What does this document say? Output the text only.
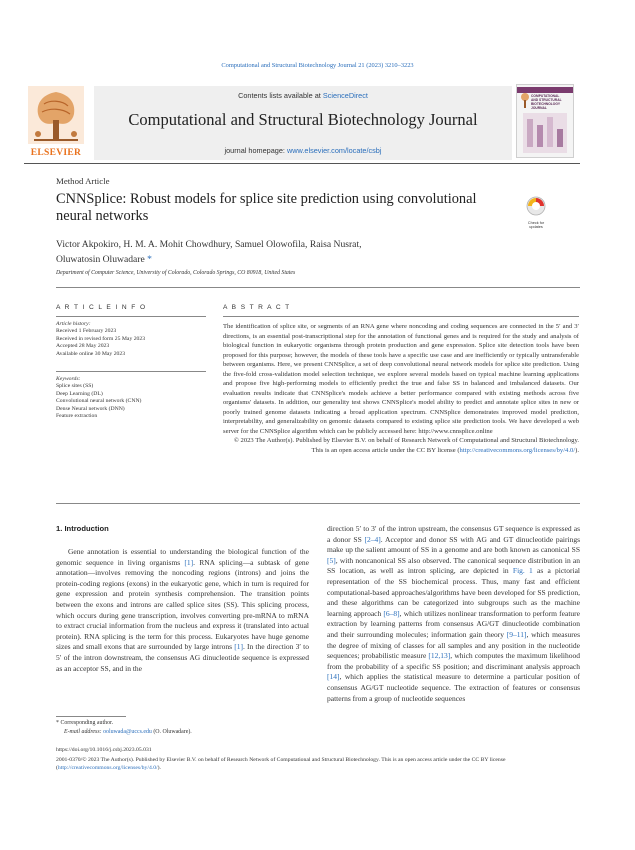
Computational and Structural Biotechnology Journal 21 (2023) 3210–3223
ELSEVIER
Contents lists available at ScienceDirect
Computational and Structural Biotechnology Journal
journal homepage: www.elsevier.com/locate/csbj
COMPUTATIONAL
AND STRUCTURAL
BIOTECHNOLOGY
JOURNAL
Method Article
CNNSplice: Robust models for splice site prediction using convolutional neural networks	Check for
updates
Victor Akpokiro, H. M. A. Mohit Chowdhury, Samuel Olowofila, Raisa Nusrat,
Oluwatosin Oluwadare *
Department of Computer Science, University of Colorado, Colorado Springs, CO 80918, United States
A R T I C L E I N F O	A B S T R A C T
Article history:
Received 1 February 2023
Received in revised form 25 May 2023
Accepted 28 May 2023
Available online 30 May 2023
Keywords:
Splice sites (SS)
Deep Learning (DL)
Convolutional neural network (CNN)
Dense Neural network (DNN)
Feature extraction
The identification of splice site, or segments of an RNA gene where noncoding and coding sequences are connected in the 5′ and 3′ directions, is an essential post-transcriptional step for the annotation of functional genes and is required for the study and analysis of biological function in eukaryotic organisms through protein production and gene expression. Splice site detection tools have been proposed for this purpose; however, the models of these tools have a specific use case and are inefficiently or typically untransferable between organisms. Here, we present CNNSplice, a set of deep convolutional neural network models for splice site prediction. Using the five-fold cross-validation model selection technique, we explore several models based on typical machine learning applications and propose five high-performing models to efficiently predict the true and false SS in balanced and imbalanced datasets. Our evaluation results indicate that CNNSplice's models achieve a better performance compared with existing methods across five organisms' datasets. In addition, our generality test shows CNNSplice's model ability to predict and annotate splice sites in new or poorly trained genome datasets indicating a broad application spectrum. CNNSplice demonstrates improved model prediction, interpretability, and generalizability on genomic datasets compared to existing splice site prediction tools. We have developed a web server for the CNNSplice algorithm which can be publicly accessed here: http://www.cnnsplice.online
© 2023 The Author(s). Published by Elsevier B.V. on behalf of Research Network of Computational and Structural Biotechnology. This is an open access article under the CC BY license (http://creativecommons.org/licenses/by/4.0/).
1. Introduction
Gene annotation is essential to understanding the biological function of the genomic sequence in living organisms [1]. RNA splicing—a subtask of gene annotation—involves removing the noncoding regions (introns) and joins the protein-coding regions (exons) in the eukaryotic gene, which in turn is required for gene expression and protein synthesis comprehension. The transition points between the exons and introns are called splice sites (SS). This splicing process, which occurs during gene transcription, involves converting pre-mRNA to mRNA to extract crucial information from the nucleus and express it (translated into actual protein). RNA splicing is the term for this process. Eukaryotes have huge genome sizes and small exons that are surrounded by large introns [1]. In the direction 3′ to 5′ of the intron downstream, the consensus AG dinucleotide sequence is expressed as an acceptor SS, and in the
direction 5′ to 3′ of the intron upstream, the consensus GT sequence is expressed as a donor SS [2–4]. Acceptor and donor SS with AG and GT dinucleotide pairings make up the salient amount of SS in a genome and are both known as canonical SS [5], with noncanonical SS also observed. The canonical sequence distribution in an SS location, as well as intron splicing, are depicted in Fig. 1 as a pictorial representation of the SS biochemical process. Thus, many fast and efficient computational-based approaches/algorithms have been developed for SS prediction, and these algorithms can be categorized into subgroups such as the machine learning approach [6–8], which utilizes nonlinear transformation to perform feature extraction by learning patterns from consensus AG/GT dinucleotide combination and their surrounding molecules; information gain theory [9–11], which measures the degree of mixing of classes for all samples and any position in the nucleotide sequences; probabilistic measure [12,13], which computes the maximum likelihood from the probability of a specific SS position; and discriminant analysis approach [14], which applies the statistical measure to determine a particular position of consensus AG/GT nucleotide sequence. The extraction of features or consensus patterns from a group of nucleotide sequences
* Corresponding author.
E-mail address: ooluwada@uccs.edu (O. Oluwadare).
https://doi.org/10.1016/j.csbj.2023.05.031
2001-0370/© 2023 The Author(s). Published by Elsevier B.V. on behalf of Research Network of Computational and Structural Biotechnology. This is an open access article under the CC BY license (http://creativecommons.org/licenses/by/4.0/).
